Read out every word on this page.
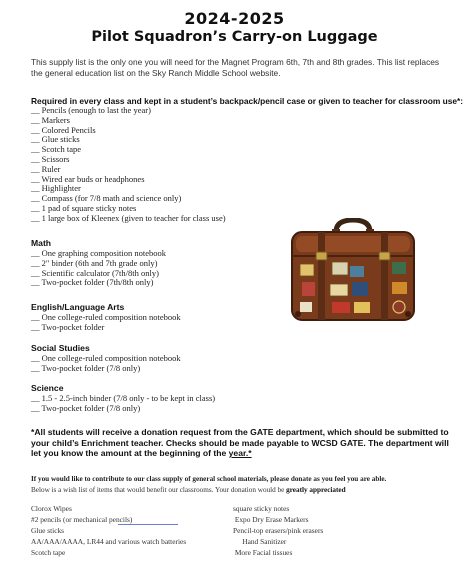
2024-2025
Pilot Squadron’s Carry-on Luggage
This supply list is the only one you will need for the Magnet Program 6th, 7th and 8th grades. This list replaces the general education list on the Sky Ranch Middle School website.
Required in every class and kept in a student’s backpack/pencil case or given to teacher for classroom use*:
__ Pencils (enough to last the year)
__ Markers
__ Colored Pencils
__ Glue sticks
__ Scotch tape
__ Scissors
__ Ruler
__ Wired ear buds or headphones
__ Highlighter
__ Compass (for 7/8 math and science only)
__ 1 pad of square sticky notes
__ 1 large box of Kleenex (given to teacher for class use)
Math
__ One graphing composition notebook
__ 2" binder (6th and 7th grade only)
__ Scientific calculator (7th/8th only)
__ Two-pocket folder (7th/8th only)
English/Language Arts
__ One college-ruled composition notebook
__ Two-pocket folder
Social Studies
__ One college-ruled composition notebook
__ Two-pocket folder (7/8 only)
Science
__ 1.5 - 2.5-inch binder (7/8 only - to be kept in class)
__ Two-pocket folder (7/8 only)
*All students will receive a donation request from the GATE department, which should be submitted to your child’s Enrichment teacher. Checks should be made payable to WCSD GATE. The department will let you know the amount at the beginning of the year.*
If you would like to contribute to our class supply of general school materials, please donate as you feel you are able.
Below is a wish list of items that would benefit our classrooms. Your donation would be greatly appreciated
Clorox Wipes
#2 pencils (or mechanical pencils)
Glue sticks
AA/AAA/AAAA, LR44 and various watch batteries
Scotch tape
square sticky notes
Expo Dry Erase Markers
Pencil-top erasers/pink erasers
Hand Sanitizer
More Facial tissues
